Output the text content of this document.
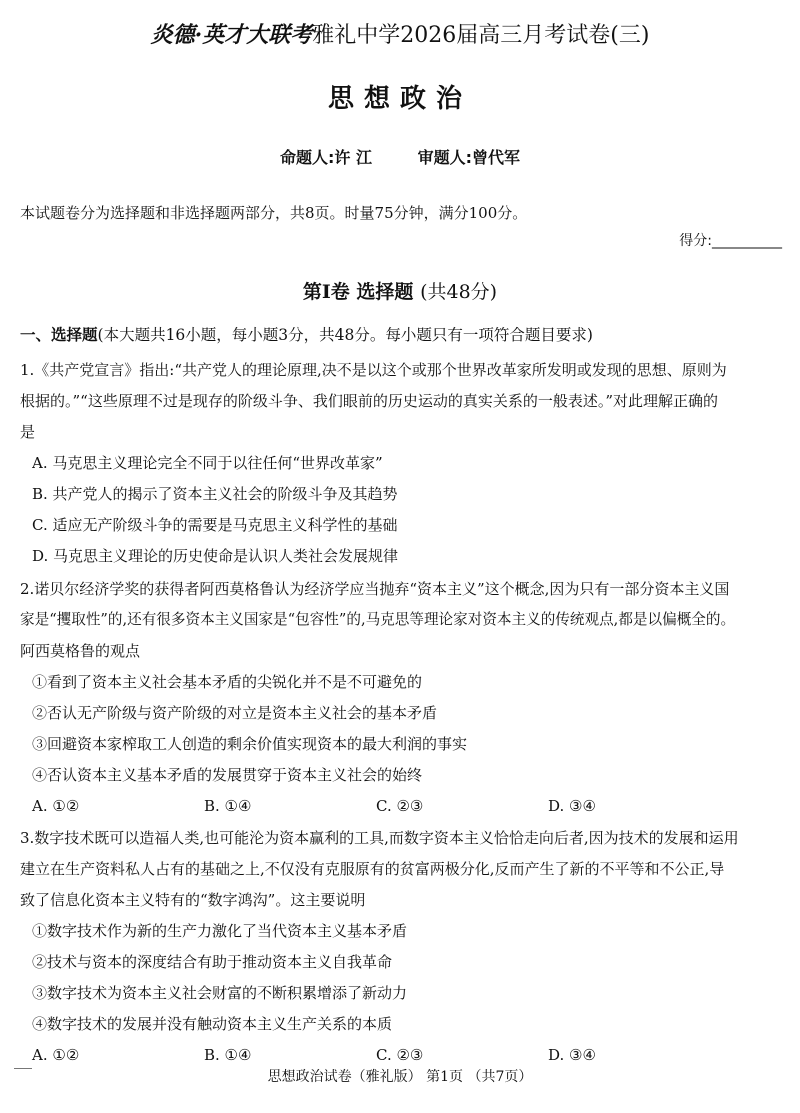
炎德·英才大联考雅礼中学2026届高三月考试卷(三)
思想政治
命题人:许 江	审题人:曾代军
本试题卷分为选择题和非选择题两部分，共8页。时量75分钟，满分100分。
得分:__________
第Ⅰ卷 选择题 (共48分)
一、选择题(本大题共16小题，每小题3分，共48分。每小题只有一项符合题目要求)
1.《共产党宣言》指出:“共产党人的理论原理,决不是以这个或那个世界改革家所发明或发现的思想、原则为
根据的。”“这些原理不过是现存的阶级斗争、我们眼前的历史运动的真实关系的一般表述。”对此理解正确的
是
A. 马克思主义理论完全不同于以往任何“世界改革家”
B. 共产党人的揭示了资本主义社会的阶级斗争及其趋势
C. 适应无产阶级斗争的需要是马克思主义科学性的基础
D. 马克思主义理论的历史使命是认识人类社会发展规律
2.诺贝尔经济学奖的获得者阿西莫格鲁认为经济学应当抛弃“资本主义”这个概念,因为只有一部分资本主义国
家是“攫取性”的,还有很多资本主义国家是“包容性”的,马克思等理论家对资本主义的传统观点,都是以偏概全的。
阿西莫格鲁的观点
①看到了资本主义社会基本矛盾的尖锐化并不是不可避免的
②否认无产阶级与资产阶级的对立是资本主义社会的基本矛盾
③回避资本家榨取工人创造的剩余价值实现资本的最大利润的事实
④否认资本主义基本矛盾的发展贯穿于资本主义社会的始终
A. ①②	B. ①④	C. ②③	D. ③④
3.数字技术既可以造福人类,也可能沦为资本赢利的工具,而数字资本主义恰恰走向后者,因为技术的发展和运用
建立在生产资料私人占有的基础之上,不仅没有克服原有的贫富两极分化,反而产生了新的不平等和不公正,导
致了信息化资本主义特有的“数字鸿沟”。这主要说明
①数字技术作为新的生产力激化了当代资本主义基本矛盾
②技术与资本的深度结合有助于推动资本主义自我革命
③数字技术为资本主义社会财富的不断积累增添了新动力
④数字技术的发展并没有触动资本主义生产关系的本质
A. ①②	B. ①④	C. ②③	D. ③④
思想政治试卷（雅礼版） 第1页 （共7页）
